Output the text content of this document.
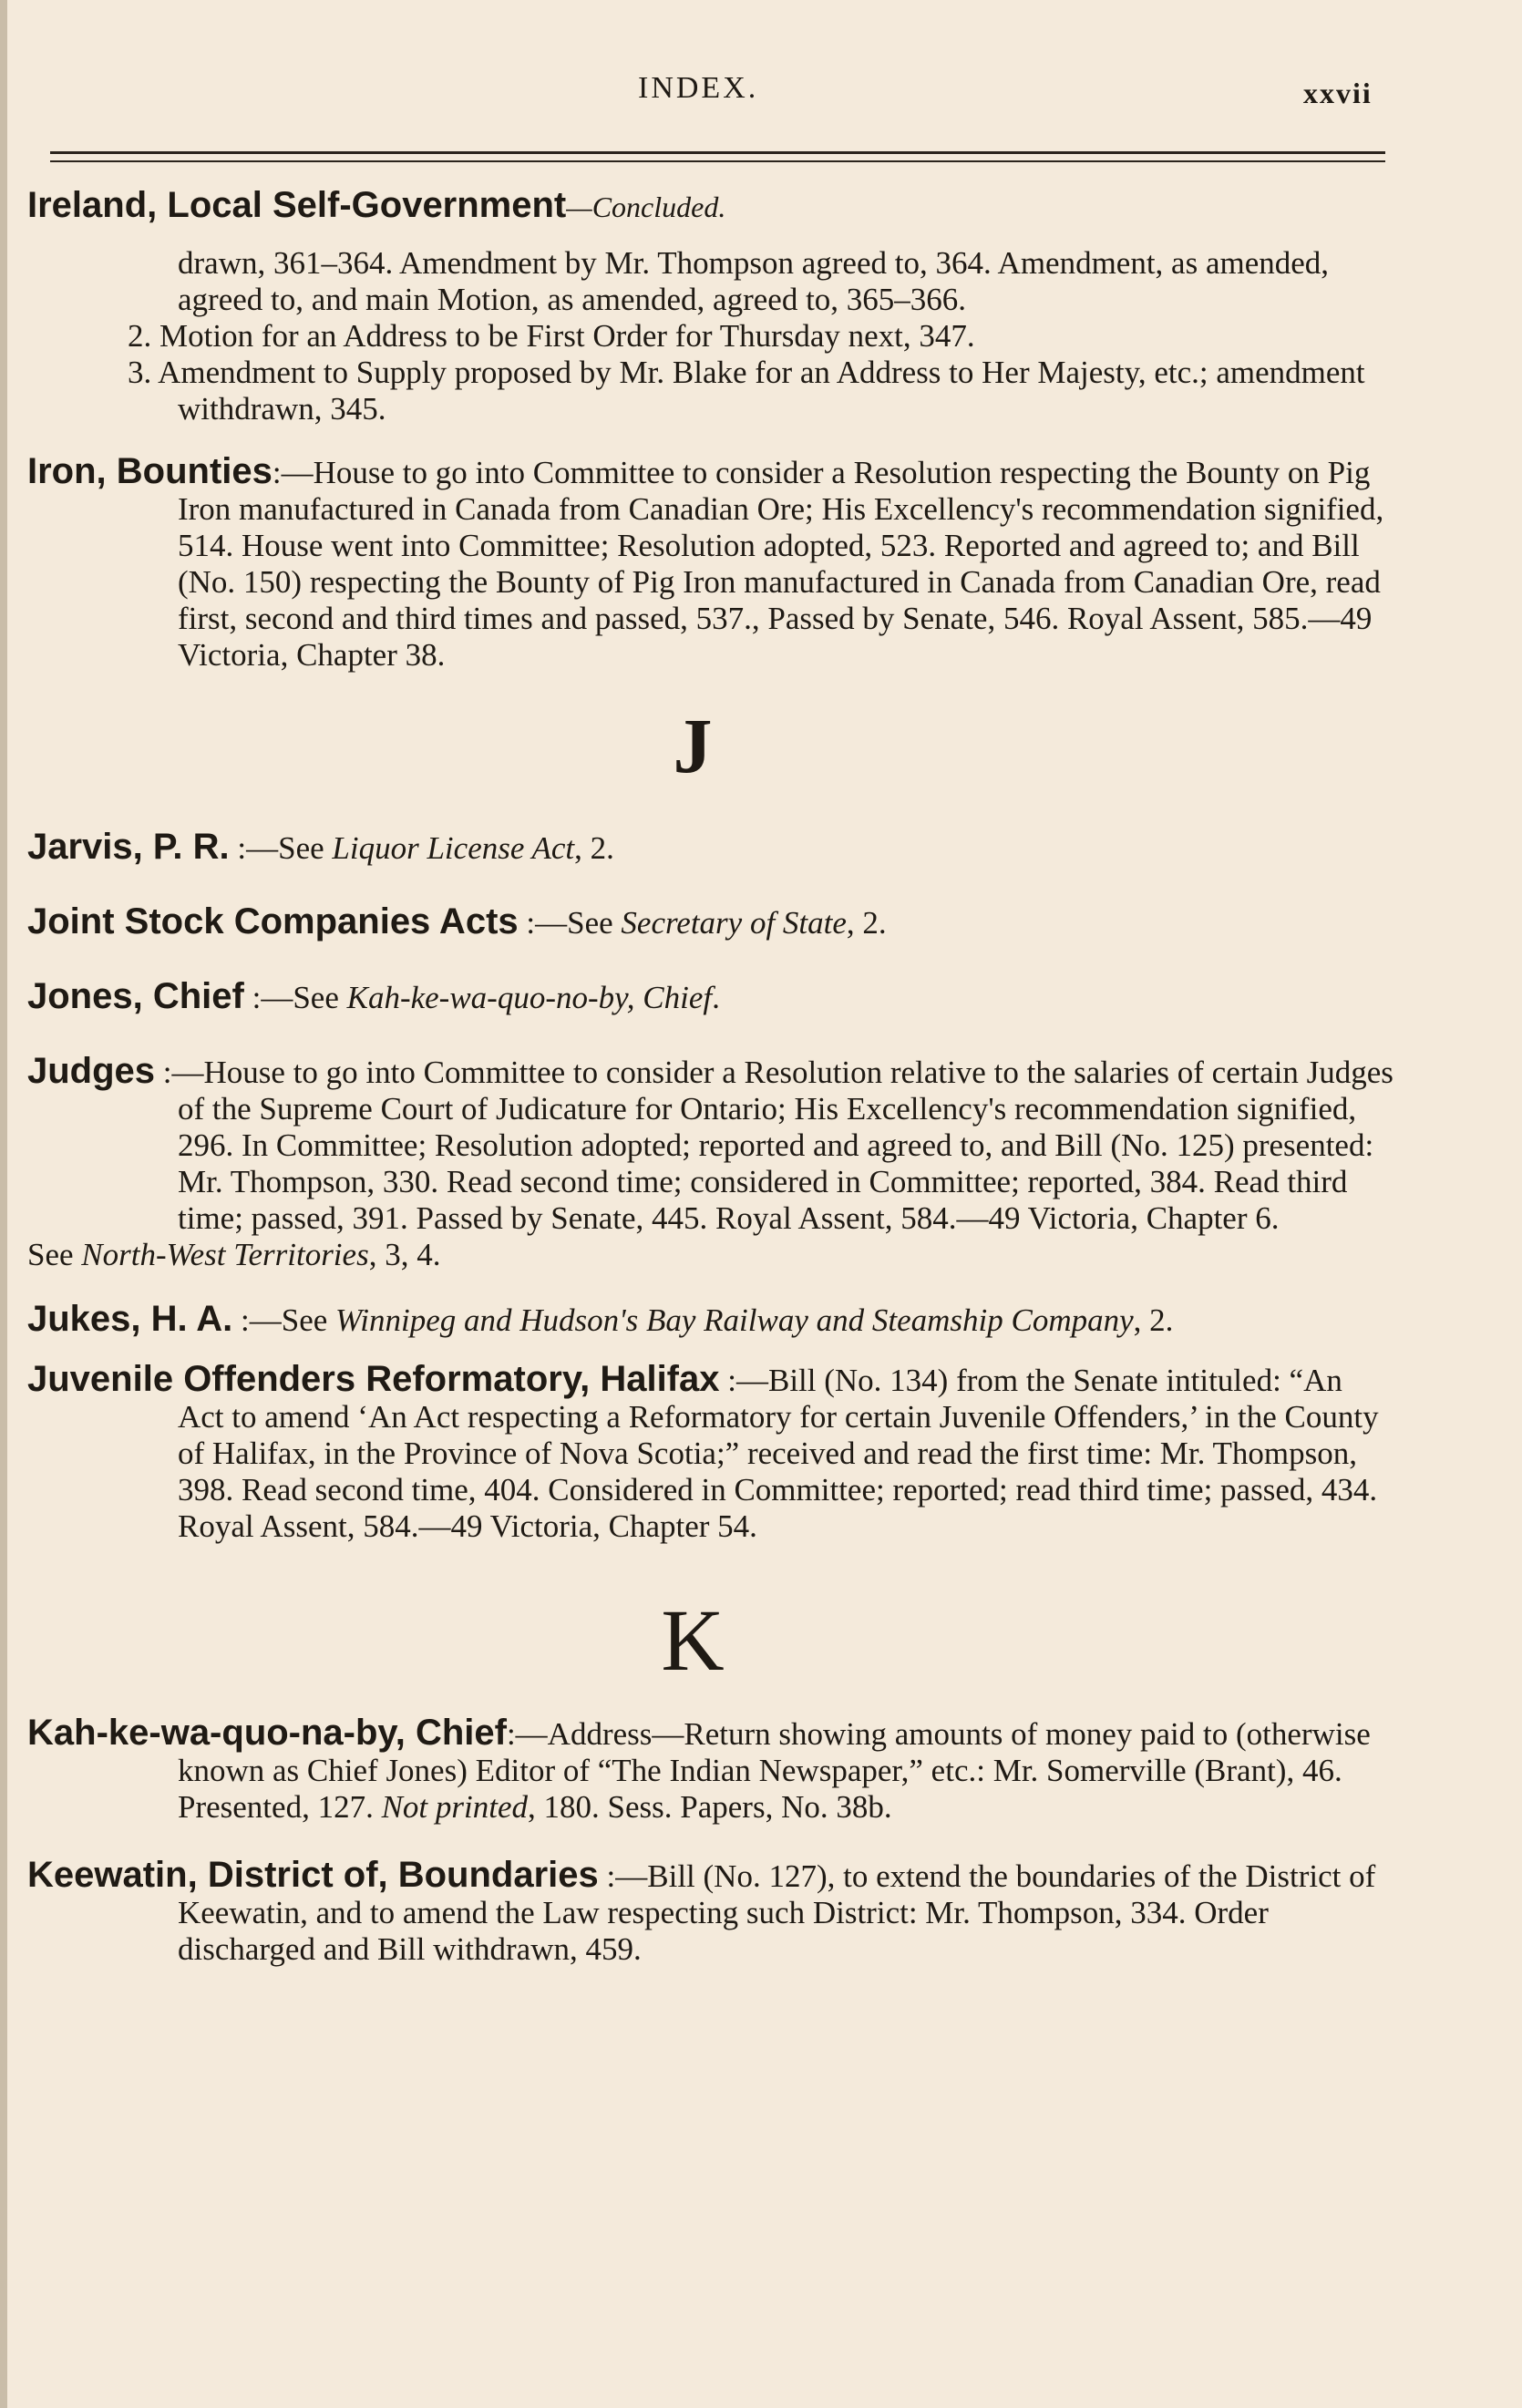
INDEX.	xxvii

Ireland, Local Self-Government—Concluded.

drawn, 361–364. Amendment by Mr. Thompson agreed to, 364. Amendment, as amended, agreed to, and main Motion, as amended, agreed to, 365–366.

2. Motion for an Address to be First Order for Thursday next, 347.

3. Amendment to Supply proposed by Mr. Blake for an Address to Her Majesty, etc.; amendment withdrawn, 345.

Iron, Bounties:—House to go into Committee to consider a Resolution respecting the Bounty on Pig Iron manufactured in Canada from Canadian Ore; His Excellency's recommendation signified, 514. House went into Committee; Resolution adopted, 523. Reported and agreed to; and Bill (No. 150) respecting the Bounty of Pig Iron manufactured in Canada from Canadian Ore, read first, second and third times and passed, 537., Passed by Senate, 546. Royal Assent, 585.—49 Victoria, Chapter 38.

J

Jarvis, P. R. :—See Liquor License Act, 2.

Joint Stock Companies Acts :—See Secretary of State, 2.

Jones, Chief :—See Kah-ke-wa-quo-no-by, Chief.

Judges :—House to go into Committee to consider a Resolution relative to the salaries of certain Judges of the Supreme Court of Judicature for Ontario; His Excellency's recommendation signified, 296. In Committee; Resolution adopted; reported and agreed to, and Bill (No. 125) presented: Mr. Thompson, 330. Read second time; considered in Committee; reported, 384. Read third time; passed, 391. Passed by Senate, 445. Royal Assent, 584.—49 Victoria, Chapter 6.

See North-West Territories, 3, 4.

Jukes, H. A. :—See Winnipeg and Hudson's Bay Railway and Steamship Company, 2.

Juvenile Offenders Reformatory, Halifax :—Bill (No. 134) from the Senate intituled: “An Act to amend ‘An Act respecting a Reformatory for certain Juvenile Offenders,’ in the County of Halifax, in the Province of Nova Scotia;” received and read the first time: Mr. Thompson, 398. Read second time, 404. Considered in Committee; reported; read third time; passed, 434. Royal Assent, 584.—49 Victoria, Chapter 54.

K

Kah-ke-wa-quo-na-by, Chief:—Address—Return showing amounts of money paid to (otherwise known as Chief Jones) Editor of “The Indian Newspaper,” etc.: Mr. Somerville (Brant), 46. Presented, 127. Not printed, 180. Sess. Papers, No. 38b.

Keewatin, District of, Boundaries :—Bill (No. 127), to extend the boundaries of the District of Keewatin, and to amend the Law respecting such District: Mr. Thompson, 334. Order discharged and Bill withdrawn, 459.
